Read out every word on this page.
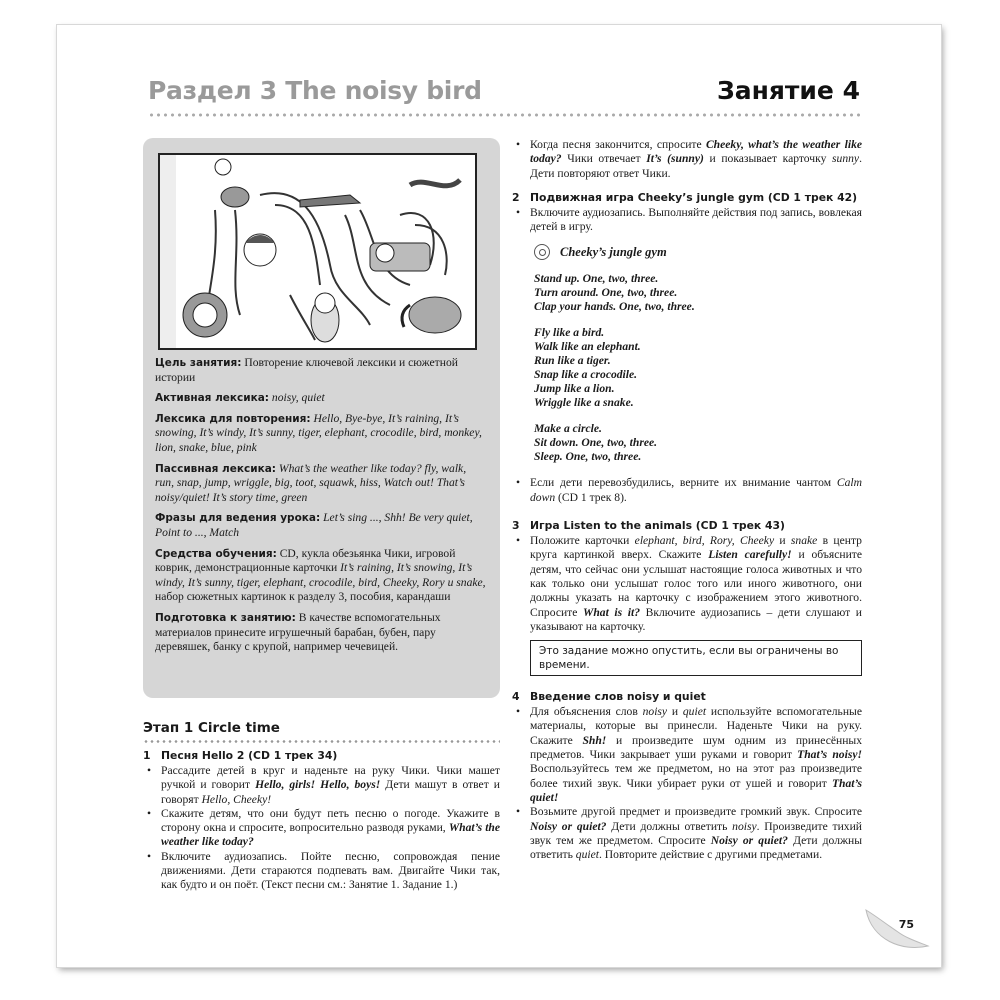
Раздел 3 The noisy bird	Занятие 4

Цель занятия: Повторение ключевой лексики и сюжетной истории

Активная лексика: noisy, quiet

Лексика для повторения: Hello, Bye-bye, It’s raining, It’s snowing, It’s windy, It’s sunny, tiger, elephant, crocodile, bird, monkey, lion, snake, blue, pink

Пассивная лексика: What’s the weather like today? fly, walk, run, snap, jump, wriggle, big, toot, squawk, hiss, Watch out! That’s noisy/quiet! It’s story time, green

Фразы для ведения урока: Let’s sing ..., Shh! Be very quiet, Point to ..., Match

Средства обучения: CD, кукла обезьянка Чики, игровой коврик, демонстрационные карточки It’s raining, It’s snowing, It’s windy, It’s sunny, tiger, elephant, crocodile, bird, Cheeky, Rory и snake, набор сюжетных картинок к разделу 3, пособия, карандаши

Подготовка к занятию: В качестве вспомогательных материалов принесите игрушечный барабан, бубен, пару деревяшек, банку с крупой, например чечевицей.

Этап 1 Circle time
1 Песня Hello 2 (CD 1 трек 34)
• Рассадите детей в круг и наденьте на руку Чики. Чики машет ручкой и говорит Hello, girls! Hello, boys! Дети машут в ответ и говорят Hello, Cheeky!
• Скажите детям, что они будут петь песню о погоде. Укажите в сторону окна и спросите, вопросительно разводя руками, What’s the weather like today?
• Включите аудиозапись. Пойте песню, сопровождая пение движениями. Дети стараются подпевать вам. Двигайте Чики так, как будто и он поёт. (Текст песни см.: Занятие 1. Задание 1.)
• Когда песня закончится, спросите Cheeky, what’s the weather like today? Чики отвечает It’s (sunny) и показывает карточку sunny. Дети повторяют ответ Чики.
2 Подвижная игра Cheeky’s jungle gym (CD 1 трек 42)
• Включите аудиозапись. Выполняйте действия под запись, вовлекая детей в игру.
Cheeky’s jungle gym
Stand up. One, two, three.
Turn around. One, two, three.
Clap your hands. One, two, three.
Fly like a bird.
Walk like an elephant.
Run like a tiger.
Snap like a crocodile.
Jump like a lion.
Wriggle like a snake.
Make a circle.
Sit down. One, two, three.
Sleep. One, two, three.
• Если дети перевозбудились, верните их внимание чантом Calm down (CD 1 трек 8).
3 Игра Listen to the animals (CD 1 трек 43)
• Положите карточки elephant, bird, Rory, Cheeky и snake в центр круга картинкой вверх. Скажите Listen carefully! и объясните детям, что сейчас они услышат настоящие голоса животных и что как только они услышат голос того или иного животного, они должны указать на карточку с изображением этого животного. Спросите What is it? Включите аудиозапись – дети слушают и указывают на карточку.
Это задание можно опустить, если вы ограничены во времени.
4 Введение слов noisy и quiet
• Для объяснения слов noisy и quiet используйте вспомогательные материалы, которые вы принесли. Наденьте Чики на руку. Скажите Shh! и произведите шум одним из принесённых предметов. Чики закрывает уши руками и говорит That’s noisy! Воспользуйтесь тем же предметом, но на этот раз произведите более тихий звук. Чики убирает руки от ушей и говорит That’s quiet!
• Возьмите другой предмет и произведите громкий звук. Спросите Noisy or quiet? Дети должны ответить noisy. Произведите тихий звук тем же предметом. Спросите Noisy or quiet? Дети должны ответить quiet. Повторите действие с другими предметами.
75
